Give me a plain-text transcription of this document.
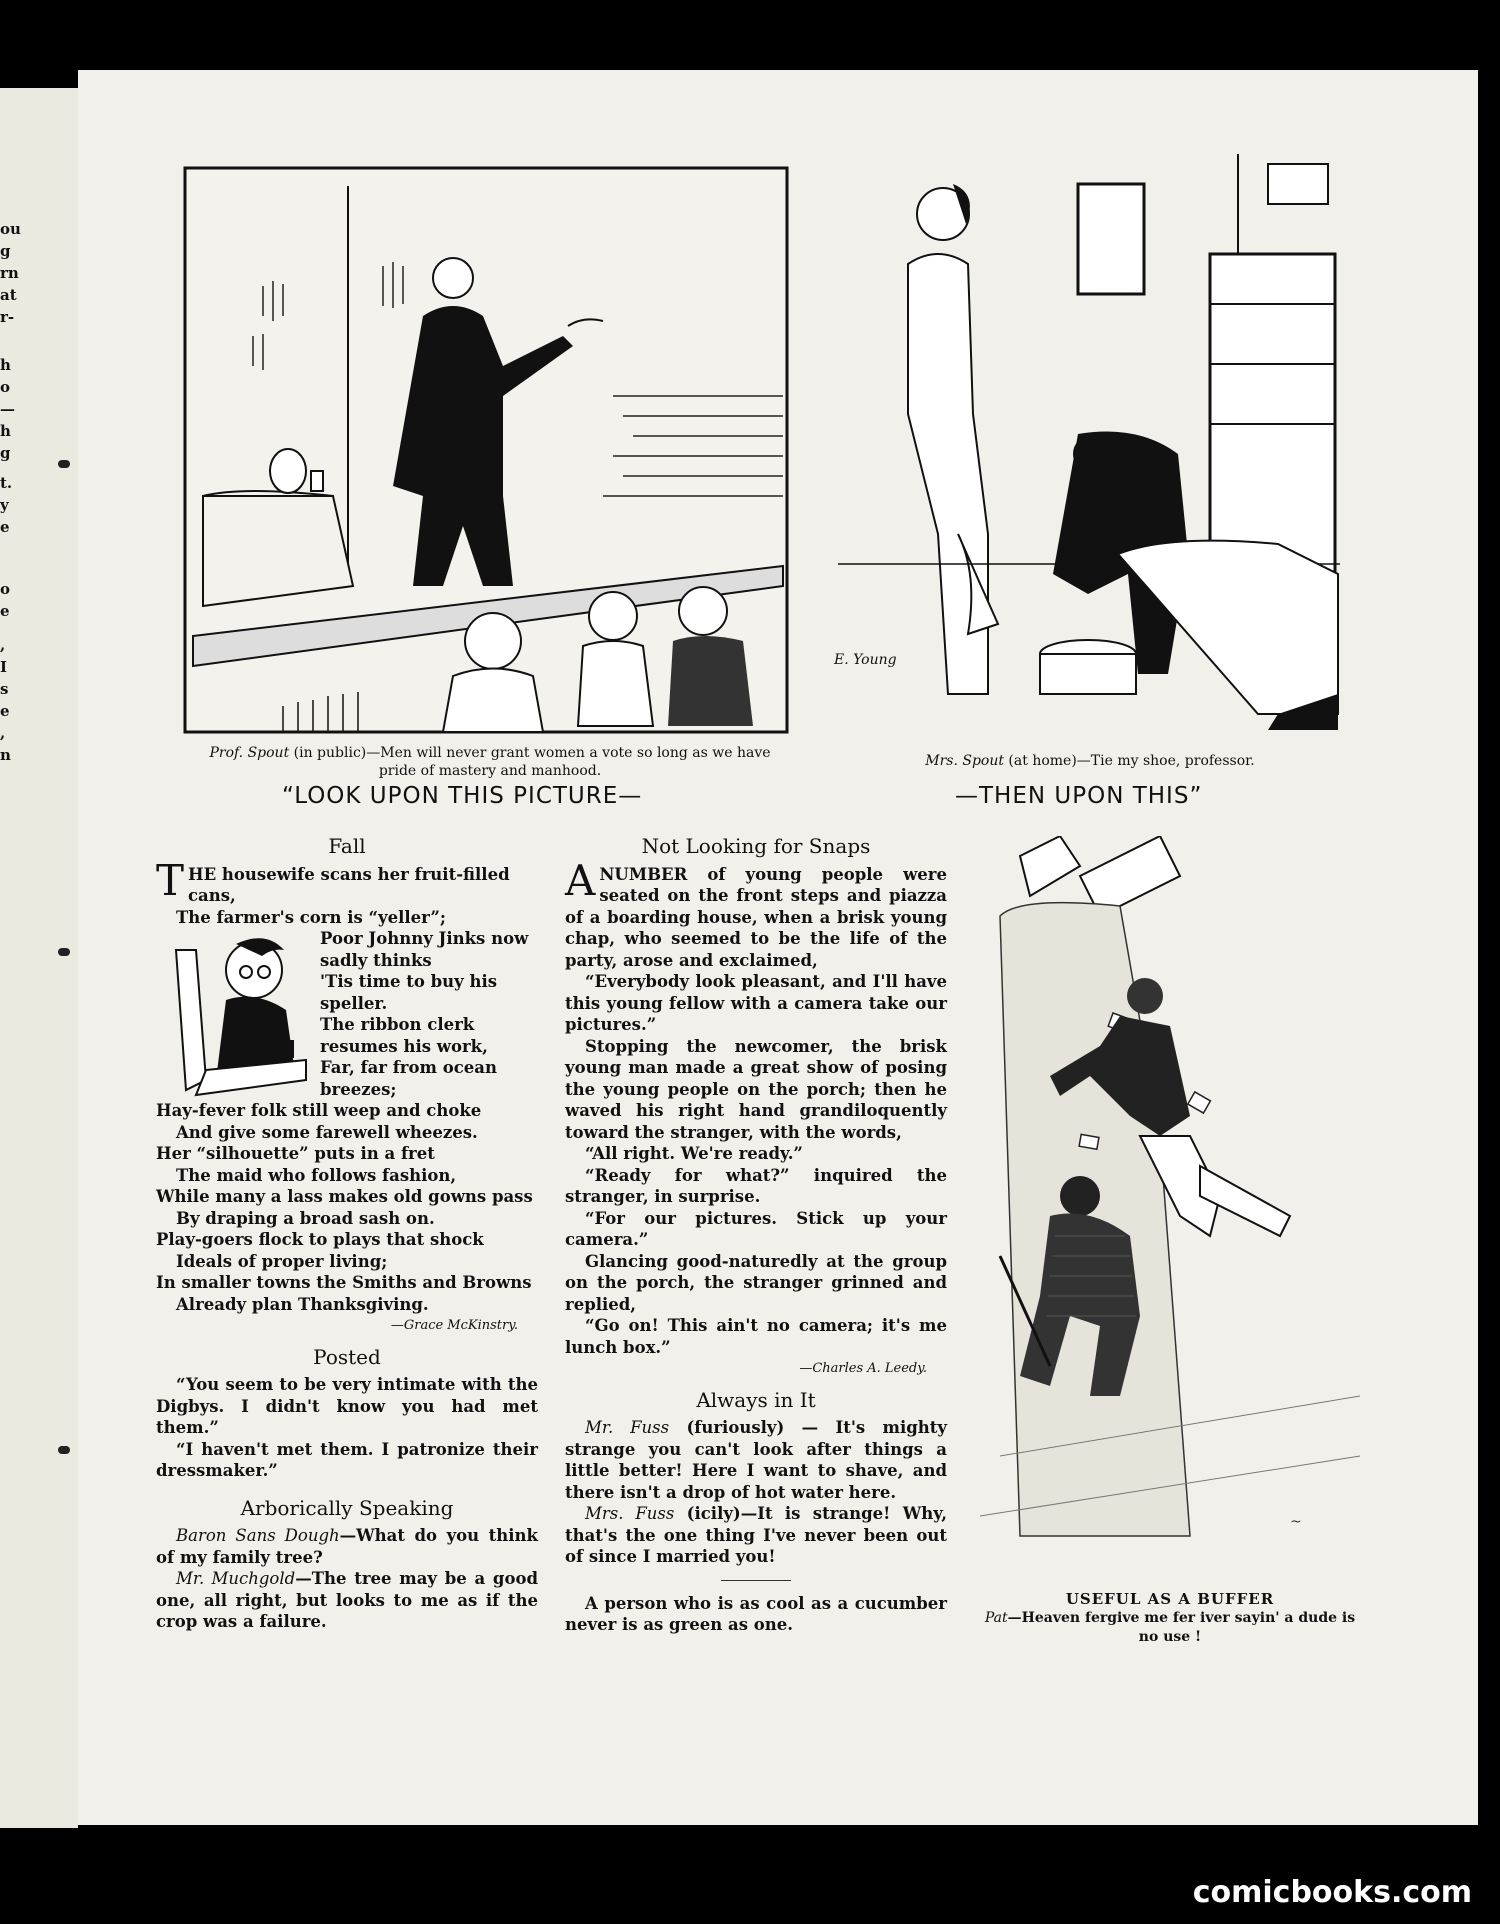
ou
g
rn
at
r-
h
o
—
h
g
t.
y
e
o
e
,
I
s
e
,
n	Prof. Spout (in public)—Men will never grant women a vote so long as we have pride of mastery and manhood.
“LOOK UPON THIS PICTURE—
E. Young
Mrs. Spout (at home)—Tie my shoe, professor.
—THEN UPON THIS”
Fall
T HE housewife scans her fruit-filled cans,
The farmer's corn is “yeller”;
Poor Johnny Jinks now sadly thinks
'Tis time to buy his speller.
The ribbon clerk resumes his work,
Far, far from ocean breezes;
Hay-fever folk still weep and choke
And give some farewell wheezes.
Her “silhouette” puts in a fret
The maid who follows fashion,
While many a lass makes old gowns pass
By draping a broad sash on.
Play-goers flock to plays that shock
Ideals of proper living;
In smaller towns the Smiths and Browns
Already plan Thanksgiving.
—Grace McKinstry.
Posted

“You seem to be very intimate with the Digbys. I didn't know you had met them.”

“I haven't met them. I patronize their dressmaker.”

Arborically Speaking

Baron Sans Dough—What do you think of my family tree?

Mr. Muchgold—The tree may be a good one, all right, but looks to me as if the crop was a failure.

Not Looking for Snaps

A NUMBER of young people were seated on the front steps and piazza of a boarding house, when a brisk young chap, who seemed to be the life of the party, arose and exclaimed,

“Everybody look pleasant, and I'll have this young fellow with a camera take our pictures.”

Stopping the newcomer, the brisk young man made a great show of posing the young people on the porch; then he waved his right hand grandiloquently toward the stranger, with the words,

“All right. We're ready.”

“Ready for what?” inquired the stranger, in surprise.

“For our pictures. Stick up your camera.”

Glancing good-naturedly at the group on the porch, the stranger grinned and replied,

“Go on! This ain't no camera; it's me lunch box.”

—Charles A. Leedy.
Always in It

Mr. Fuss (furiously) — It's mighty strange you can't look after things a little better! Here I want to shave, and there isn't a drop of hot water here.

Mrs. Fuss (icily)—It is strange! Why, that's the one thing I've never been out of since I married you!

A person who is as cool as a cucumber never is as green as one.

~
USEFUL AS A BUFFER
Pat—Heaven fergive me fer iver sayin' a dude is no use !
comicbooks.com
